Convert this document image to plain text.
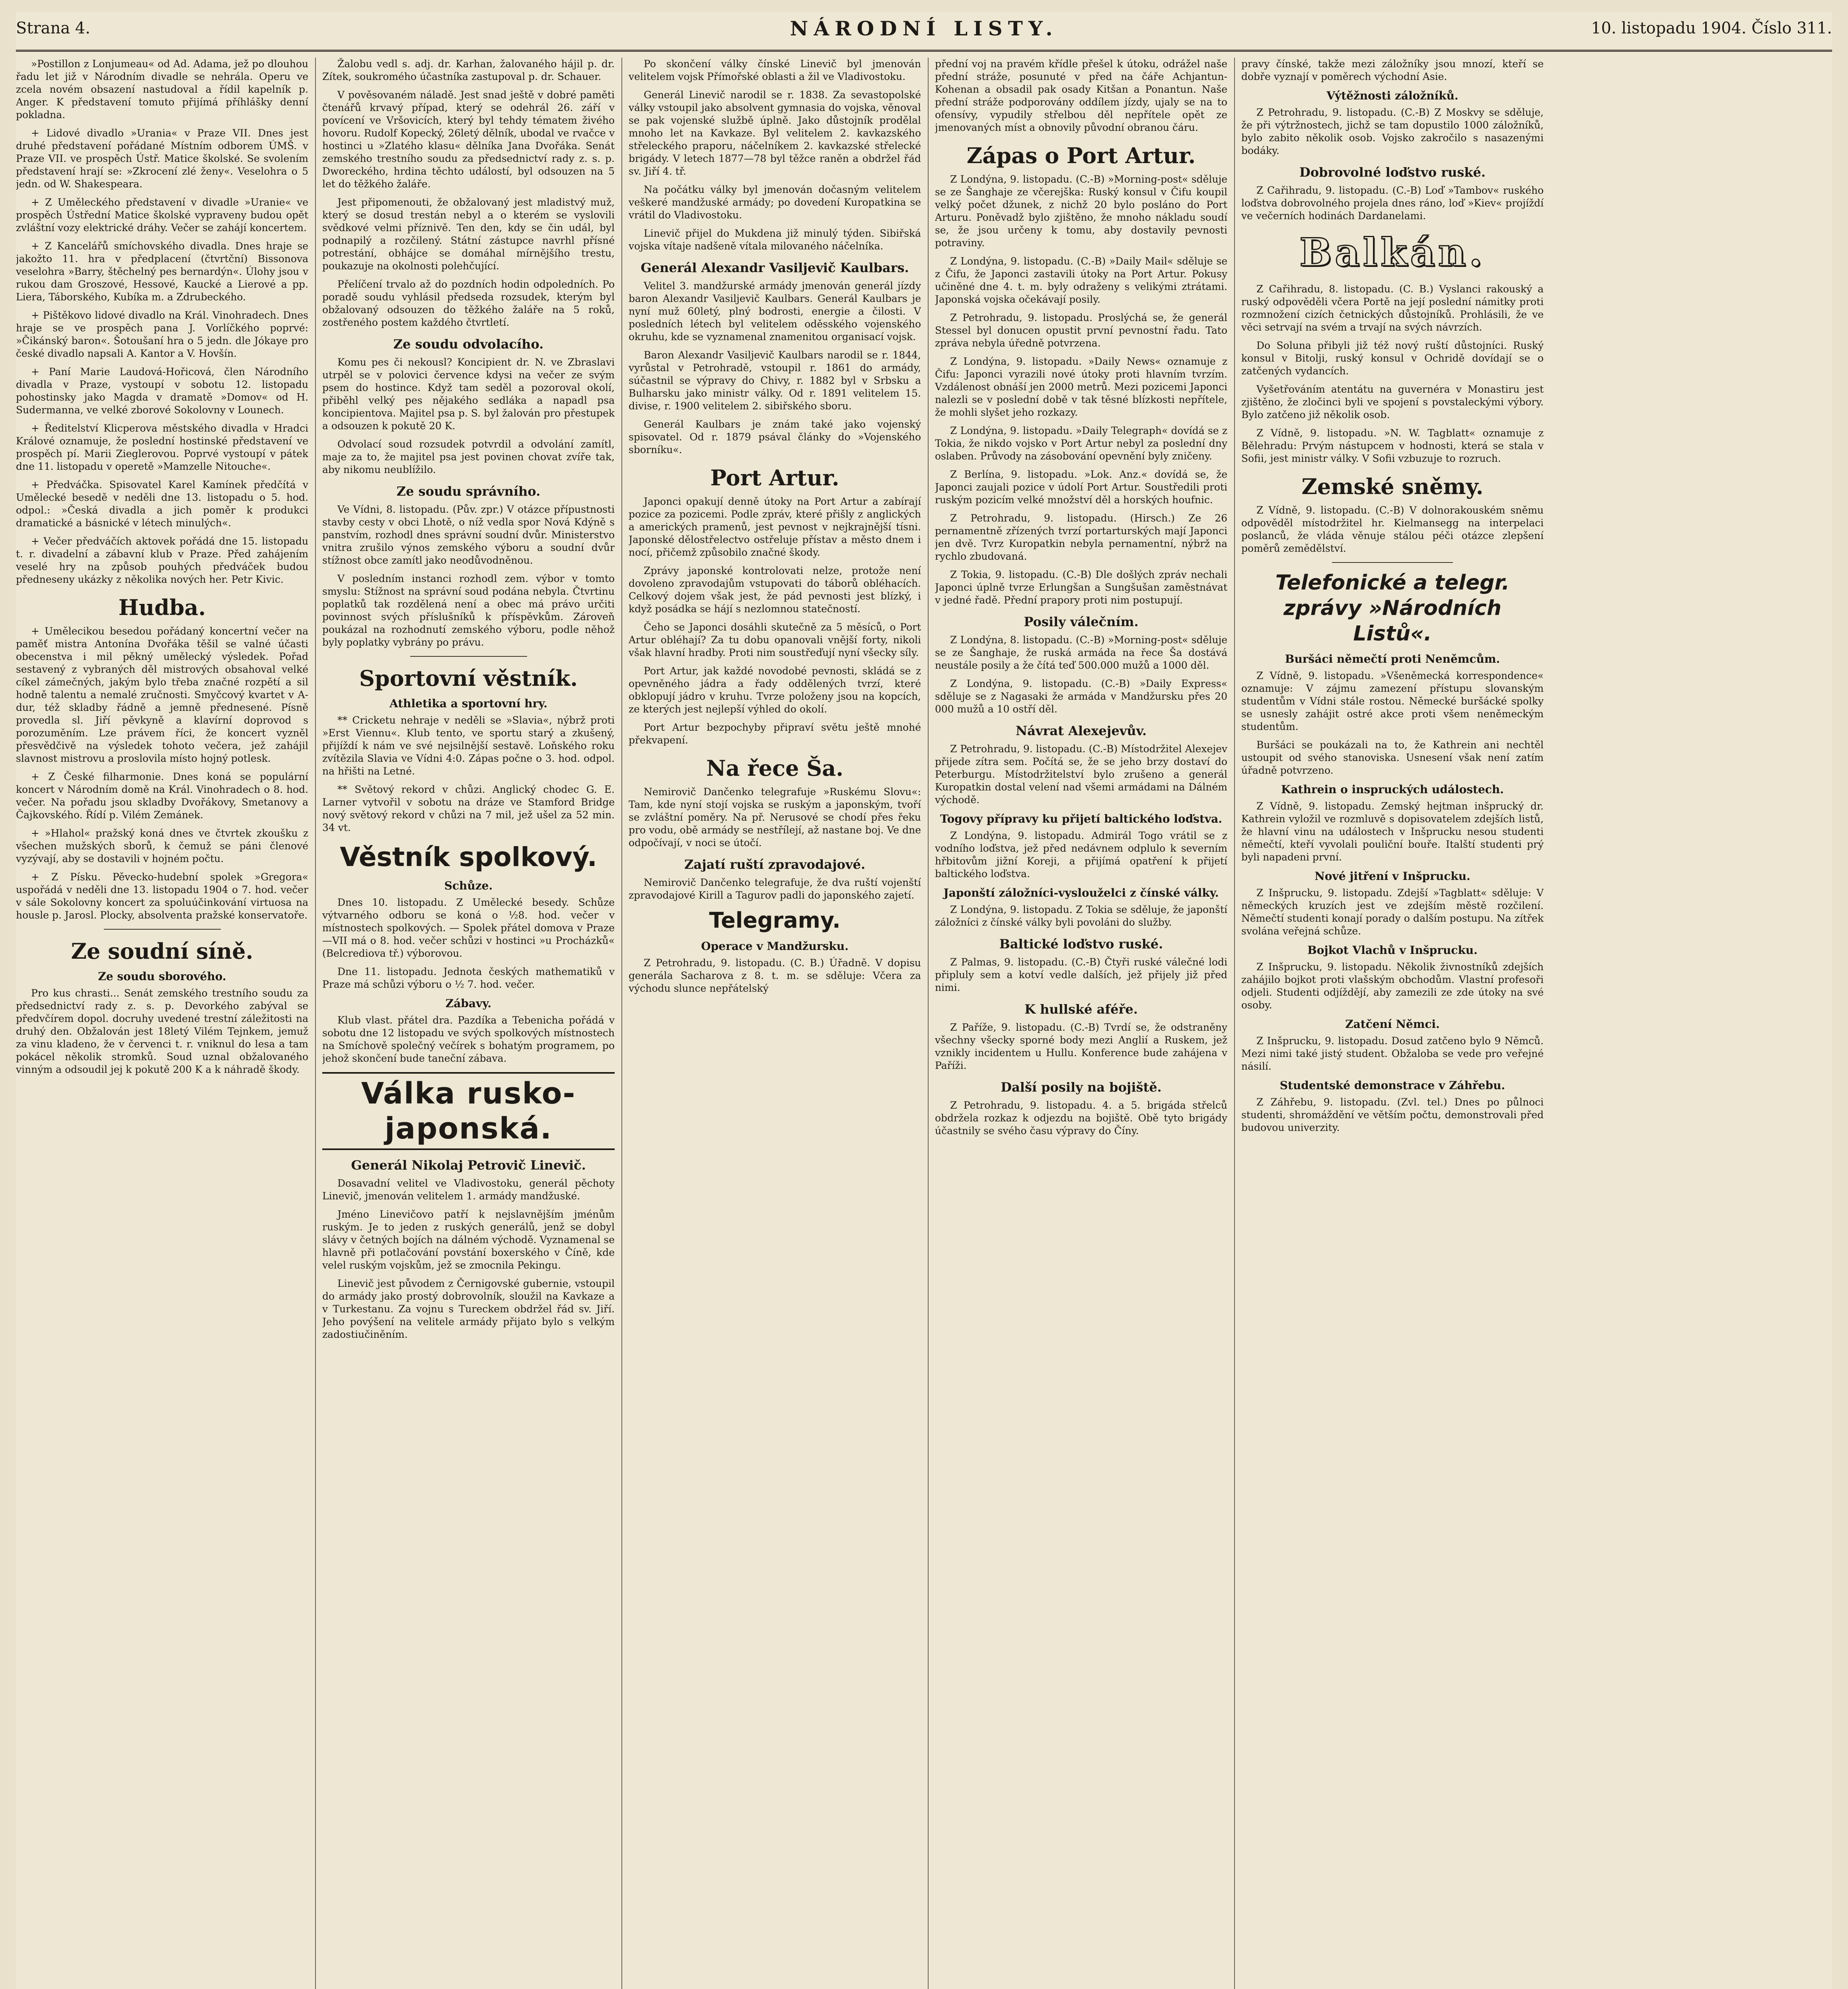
Strana 4.	NÁRODNÍ LISTY.	10. listopadu 1904. Číslo 311.

»Postillon z Lonjumeau« od Ad. Adama, jež po dlouhou řadu let již v Národním divadle se nehrála. Operu ve zcela novém obsazení nastudoval a řídil kapelník p. Anger. K představení tomuto přijímá příhlášky denní pokladna.

+ Lidové divadlo »Urania« v Praze VII. Dnes jest druhé představení pořádané Místním odborem ÚMŠ. v Praze VII. ve prospěch Ústř. Matice školské. Se svolením představení hrají se: »Zkrocení zlé ženy«. Veselohra o 5 jedn. od W. Shakespeara.

+ Z Uměleckého představení v divadle »Uranie« ve prospěch Ústřední Matice školské vypraveny budou opět zvláštní vozy elektrické dráhy. Večer se zahájí koncertem.

+ Z Kancelářů smíchovského divadla. Dnes hraje se jakožto 11. hra v předplacení (čtvrtční) Bissonova veselohra »Barry, štěchelný pes bernardýn«. Úlohy jsou v rukou dam Groszové, Hessové, Kaucké a Lierové a pp. Liera, Táborského, Kubíka m. a Zdrubeckého.

+ Pištěkovo lidové divadlo na Král. Vinohradech. Dnes hraje se ve prospěch pana J. Vorlíčkého poprvé: »Čikánský baron«. Šotoušaní hra o 5 jedn. dle Jókaye pro české divadlo napsali A. Kantor a V. Hovšín.

+ Paní Marie Laudová-Hořicová, člen Národního divadla v Praze, vystoupí v sobotu 12. listopadu pohostinsky jako Magda v dramatě »Domov« od H. Sudermanna, ve velké zborové Sokolovny v Lounech.

+ Ředitelství Klicperova městského divadla v Hradci Králové oznamuje, že poslední hostinské představení ve prospěch pí. Marii Zieglerovou. Poprvé vystoupí v pátek dne 11. listopadu v operetě »Mamzelle Nitouche«.

+ Předváčka. Spisovatel Karel Kamínek předčítá v Umělecké besedě v neděli dne 13. listopadu o 5. hod. odpol.: »Česká divadla a jich poměr k produkci dramatické a básnické v létech minulých«.

+ Večer předváčích aktovek pořádá dne 15. listopadu t. r. divadelní a zábavní klub v Praze. Před zahájením veselé hry na způsob pouhých předváček budou předneseny ukázky z několika nových her. Petr Kivic.

Hudba.

+ Umělecikou besedou pořádaný koncertní večer na paměť mistra Antonína Dvořáka těšil se valné účasti obecenstva i mil pěkný umělecký výsledek. Pořad sestavený z vybraných děl mistrových obsahoval velké cíkel zámečných, jakým bylo třeba značné rozpětí a sil hodně talentu a nemalé zručnosti. Smyčcový kvartet v A-dur, též skladby řádně a jemně přednesené. Písně provedla sl. Jiří pěvkyně a klavírní doprovod s porozuměním. Lze právem říci, že koncert vyzněl přesvědčivě na výsledek tohoto večera, jež zahájil slavnost mistrovu a proslovila místo hojný potlesk.

+ Z České filharmonie. Dnes koná se populární koncert v Národním domě na Král. Vinohradech o 8. hod. večer. Na pořadu jsou skladby Dvořákovy, Smetanovy a Čajkovského. Řídí p. Vilém Zemánek.

+ »Hlahol« pražský koná dnes ve čtvrtek zkoušku z všechen mužských sborů, k čemuž se páni členové vyzývají, aby se dostavili v hojném počtu.

+ Z Písku. Pěvecko-hudební spolek »Gregora« uspořádá v neděli dne 13. listopadu 1904 o 7. hod. večer v sále Sokolovny koncert za spoluúčinkování virtuosa na housle p. Jarosl. Plocky, absolventa pražské konservatoře.

Ze soudní síně.
Ze soudu sborového.

Pro kus chrasti... Senát zemského trestního soudu za předsednictví rady z. s. p. Devorkého zabýval se předvčírem dopol. docruhy uvedené trestní záležitosti na druhý den. Obžalován jest 18letý Vilém Tejnkem, jemuž za vinu kladeno, že v červenci t. r. vniknul do lesa a tam pokácel několik stromků. Soud uznal obžalovaného vinným a odsoudil jej k pokutě 200 K a k náhradě škody.

Žalobu vedl s. adj. dr. Karhan, žalovaného hájil p. dr. Zítek, soukromého účastníka zastupoval p. dr. Schauer.

V pověsovaném náladě. Jest snad ještě v dobré paměti čtenářů krvavý případ, který se odehrál 26. září v povícení ve Vršovicích, který byl tehdy tématem živého hovoru. Rudolf Kopecký, 26letý dělník, ubodal ve rvačce v hostinci u »Zlatého klasu« dělníka Jana Dvořáka. Senát zemského trestního soudu za předsednictví rady z. s. p. Dworeckého, hrdina těchto událostí, byl odsouzen na 5 let do těžkého žaláře.

Jest připomenouti, že obžalovaný jest mladistvý muž, který se dosud trestán nebyl a o kterém se vyslovili svědkové velmi příznivě. Ten den, kdy se čin udál, byl podnapilý a rozčilený. Státní zástupce navrhl přísné potrestání, obhájce se domáhal mírnějšího trestu, poukazuje na okolnosti polehčující.

Přelíčení trvalo až do pozdních hodin odpoledních. Po poradě soudu vyhlásil předseda rozsudek, kterým byl obžalovaný odsouzen do těžkého žaláře na 5 roků, zostřeného postem každého čtvrtletí.

Ze soudu odvolacího.

Komu pes či nekousl? Koncipient dr. N. ve Zbraslavi utrpěl se v polovici července kdysi na večer ze svým psem do hostince. Když tam seděl a pozoroval okolí, přiběhl velký pes nějakého sedláka a napadl psa koncipientova. Majitel psa p. S. byl žalován pro přestupek a odsouzen k pokutě 20 K.

Odvolací soud rozsudek potvrdil a odvolání zamítl, maje za to, že majitel psa jest povinen chovat zvíře tak, aby nikomu neublížilo.

Ze soudu správního.

Ve Vídni, 8. listopadu. (Pův. zpr.) V otázce přípustnosti stavby cesty v obci Lhotě, o níž vedla spor Nová Kdýně s panstvím, rozhodl dnes správní soudní dvůr. Ministerstvo vnitra zrušilo výnos zemského výboru a soudní dvůr stížnost obce zamítl jako neodůvodněnou.

V posledním instanci rozhodl zem. výbor v tomto smyslu: Stížnost na správní soud podána nebyla. Čtvrtinu poplatků tak rozdělená není a obec má právo určiti povinnost svých příslušníků k příspěvkům. Zároveň poukázal na rozhodnutí zemského výboru, podle něhož byly poplatky vybrány po právu.

Sportovní věstník.
Athletika a sportovní hry.

** Cricketu nehraje v neděli se »Slavia«, nýbrž proti »Erst Viennu«. Klub tento, ve sportu starý a zkušený, přijíždí k nám ve své nejsilnější sestavě. Loňského roku zvítězila Slavia ve Vídni 4:0. Zápas počne o 3. hod. odpol. na hřišti na Letné.

** Světový rekord v chůzi. Anglický chodec G. E. Larner vytvořil v sobotu na dráze ve Stamford Bridge nový světový rekord v chůzi na 7 mil, jež ušel za 52 min. 34 vt.

Věstník spolkový.
Schůze.

Dnes 10. listopadu. Z Umělecké besedy. Schůze výtvarného odboru se koná o ½8. hod. večer v místnostech spolkových. — Spolek přátel domova v Praze—VII má o 8. hod. večer schůzi v hostinci »u Procházků« (Belcrediova tř.) výborovou.

Dne 11. listopadu. Jednota českých mathematiků v Praze má schůzi výboru o ½ 7. hod. večer.

Zábavy.

Klub vlast. přátel dra. Pazdíka a Tebenicha pořádá v sobotu dne 12 listopadu ve svých spolkových místnostech na Smíchově společný večírek s bohatým programem, po jehož skončení bude taneční zábava.

Válka rusko-japonská.
Generál Nikolaj Petrovič Linevič.

Dosavadní velitel ve Vladivostoku, generál pěchoty Linevič, jmenován velitelem 1. armády mandžuské.

Jméno Linevičovo patří k nejslavnějším jménům ruským. Je to jeden z ruských generálů, jenž se dobyl slávy v četných bojích na dálném východě. Vyznamenal se hlavně při potlačování povstání boxerského v Číně, kde velel ruským vojskům, jež se zmocnila Pekingu.

Linevič jest původem z Černigovské gubernie, vstoupil do armády jako prostý dobrovolník, sloužil na Kavkaze a v Turkestanu. Za vojnu s Tureckem obdržel řád sv. Jiří. Jeho povýšení na velitele armády přijato bylo s velkým zadostiučiněním.

Po skončení války čínské Linevič byl jmenován velitelem vojsk Přímořské oblasti a žil ve Vladivostoku.

Generál Linevič narodil se r. 1838. Za sevastopolské války vstoupil jako absolvent gymnasia do vojska, věnoval se pak vojenské službě úplně. Jako důstojník prodělal mnoho let na Kavkaze. Byl velitelem 2. kavkazského střeleckého praporu, náčelníkem 2. kavkazské střelecké brigády. V letech 1877—78 byl těžce raněn a obdržel řád sv. Jiří 4. tř.

Na počátku války byl jmenován dočasným velitelem veškeré mandžuské armády; po dovedení Kuropatkina se vrátil do Vladivostoku.

Linevič přijel do Mukdena již minulý týden. Sibiřská vojska vítaje nadšeně vítala milovaného náčelníka.

Generál Alexandr Vasiljevič Kaulbars.

Velitel 3. mandžurské armády jmenován generál jízdy baron Alexandr Vasiljevič Kaulbars. Generál Kaulbars je nyní muž 60letý, plný bodrosti, energie a čilosti. V posledních létech byl velitelem oděsského vojenského okruhu, kde se vyznamenal znamenitou organisací vojsk.

Baron Alexandr Vasiljevič Kaulbars narodil se r. 1844, vyrůstal v Petrohradě, vstoupil r. 1861 do armády, súčastnil se výpravy do Chivy, r. 1882 byl v Srbsku a Bulharsku jako ministr války. Od r. 1891 velitelem 15. divise, r. 1900 velitelem 2. sibiřského sboru.

Generál Kaulbars je znám také jako vojenský spisovatel. Od r. 1879 psával články do »Vojenského sborníku«.

Port Artur.

Japonci opakují denně útoky na Port Artur a zabírají pozice za pozicemi. Podle zpráv, které přišly z anglických a amerických pramenů, jest pevnost v nejkrajnější tísni. Japonské dělostřelectvo ostřeluje přístav a město dnem i nocí, přičemž způsobilo značné škody.

Zprávy japonské kontrolovati nelze, protože není dovoleno zpravodajům vstupovati do táborů obléhacích. Celkový dojem však jest, že pád pevnosti jest blízký, i když posádka se hájí s nezlomnou statečností.

Čeho se Japonci dosáhli skutečně za 5 měsíců, o Port Artur obléhají? Za tu dobu opanovali vnější forty, nikoli však hlavní hradby. Proti nim soustřeďují nyní všecky síly.

Port Artur, jak každé novodobé pevnosti, skládá se z opevněného jádra a řady oddělených tvrzí, které obklopují jádro v kruhu. Tvrze položeny jsou na kopcích, ze kterých jest nejlepší výhled do okolí.

Port Artur bezpochyby připraví světu ještě mnohé překvapení.

Na řece Ša.

Nemirovič Dančenko telegrafuje »Ruskému Slovu«: Tam, kde nyní stojí vojska se ruským a japonským, tvoří se zvláštní poměry. Na př. Nerusové se chodí přes řeku pro vodu, obě armády se nestřílejí, až nastane boj. Ve dne odpočívají, v noci se útočí.

Zajatí ruští zpravodajové.

Nemirovič Dančenko telegrafuje, že dva ruští vojenští zpravodajové Kirill a Tagurov padli do japonského zajetí.

Telegramy.
Operace v Mandžursku.

Z Petrohradu, 9. listopadu. (C. B.) Úřadně. V dopisu generála Sacharova z 8. t. m. se sděluje: Včera za východu slunce nepřátelský

přední voj na pravém křídle přešel k útoku, odrážel naše přední stráže, posunuté v před na čáře Achjantun-Kohenan a obsadil pak osady Kitšan a Ponantun. Naše přední stráže podporovány oddílem jízdy, ujaly se na to ofensívy, vypudily střelbou děl nepřítele opět ze jmenovaných míst a obnovily původní obranou čáru.

Zápas o Port Artur.

Z Londýna, 9. listopadu. (C.-B) »Morning-post« sděluje se ze Šanghaje ze včerejška: Ruský konsul v Čifu koupil velký počet džunek, z nichž 20 bylo posláno do Port Arturu. Poněvadž bylo zjištěno, že mnoho nákladu soudí se, že jsou určeny k tomu, aby dostavily pevnosti potraviny.

Z Londýna, 9. listopadu. (C.-B) »Daily Mail« sděluje se z Čifu, že Japonci zastavili útoky na Port Artur. Pokusy učiněné dne 4. t. m. byly odraženy s velikými ztrátami. Japonská vojska očekávají posily.

Z Petrohradu, 9. listopadu. Proslýchá se, že generál Stessel byl donucen opustit první pevnostní řadu. Tato zpráva nebyla úředně potvrzena.

Z Londýna, 9. listopadu. »Daily News« oznamuje z Čifu: Japonci vyrazili nové útoky proti hlavním tvrzím. Vzdálenost obnáší jen 2000 metrů. Mezi pozicemi Japonci nalezli se v poslední době v tak těsné blízkosti nepřítele, že mohli slyšet jeho rozkazy.

Z Londýna, 9. listopadu. »Daily Telegraph« dovídá se z Tokia, že nikdo vojsko v Port Artur nebyl za poslední dny oslaben. Průvody na zásobování opevnění byly zničeny.

Z Berlína, 9. listopadu. »Lok. Anz.« dovídá se, že Japonci zaujali pozice v údolí Port Artur. Soustředili proti ruským pozicím velké množství děl a horských houfnic.

Z Petrohradu, 9. listopadu. (Hirsch.) Ze 26 pernamentně zřízených tvrzí portarturských mají Japonci jen dvě. Tvrz Kuropatkin nebyla pernamentní, nýbrž na rychlo zbudovaná.

Z Tokia, 9. listopadu. (C.-B) Dle došlých zpráv nechali Japonci úplně tvrze Erlungšan a Sungšušan zaměstnávat v jedné řadě. Přední prapory proti nim postupují.

Posily válečním.

Z Londýna, 8. listopadu. (C.-B) »Morning-post« sděluje se ze Šanghaje, že ruská armáda na řece Ša dostává neustále posily a že čítá teď 500.000 mužů a 1000 děl.

Z Londýna, 9. listopadu. (C.-B) »Daily Express« sděluje se z Nagasaki že armáda v Mandžursku přes 20 000 mužů a 10 ostří děl.

Návrat Alexejevův.

Z Petrohradu, 9. listopadu. (C.-B) Místodržitel Alexejev přijede zítra sem. Počítá se, že se jeho brzy dostaví do Peterburgu. Místodržitelství bylo zrušeno a generál Kuropatkin dostal velení nad všemi armádami na Dálném východě.

Togovy přípravy ku přijetí baltického loďstva.

Z Londýna, 9. listopadu. Admirál Togo vrátil se z vodního loďstva, jež před nedávnem odplulo k severním hřbitovům jižní Koreji, a přijímá opatření k přijetí baltického loďstva.

Japonští záložníci-vyslouželci z čínské války.

Z Londýna, 9. listopadu. Z Tokia se sděluje, že japonští záložníci z čínské války byli povoláni do služby.

Baltické loďstvo ruské.

Z Palmas, 9. listopadu. (C.-B) Čtyři ruské válečné lodi připluly sem a kotví vedle dalších, jež přijely již před nimi.

K hullské aféře.

Z Paříže, 9. listopadu. (C.-B) Tvrdí se, že odstraněny všechny všecky sporné body mezi Anglií a Ruskem, jež vznikly incidentem u Hullu. Konference bude zahájena v Paříži.

Další posily na bojiště.

Z Petrohradu, 9. listopadu. 4. a 5. brigáda střelců obdržela rozkaz k odjezdu na bojiště. Obě tyto brigády účastnily se svého času výpravy do Číny.

pravy čínské, takže mezi záložníky jsou mnozí, kteří se dobře vyznají v poměrech východní Asie.

Výtěžnosti záložníků.

Z Petrohradu, 9. listopadu. (C.-B) Z Moskvy se sděluje, že při výtržnostech, jichž se tam dopustilo 1000 záložníků, bylo zabito několik osob. Vojsko zakročilo s nasazenými bodáky.

Dobrovolné loďstvo ruské.

Z Cařihradu, 9. listopadu. (C.-B) Loď »Tambov« ruského loďstva dobrovolného projela dnes ráno, loď »Kiev« projíždí ve večerních hodinách Dardanelami.

Balkán.

Z Cařihradu, 8. listopadu. (C. B.) Vyslanci rakouský a ruský odpověděli včera Portě na její poslední námitky proti rozmnožení cizích četnických důstojníků. Prohlásili, že ve věci setrvají na svém a trvají na svých návrzích.

Do Soluna přibyli již též nový ruští důstojníci. Ruský konsul v Bitolji, ruský konsul v Ochridě dovídají se o zatčených vydancích.

Vyšetřováním atentátu na guvernéra v Monastiru jest zjištěno, že zločinci byli ve spojení s povstaleckými výbory. Bylo zatčeno již několik osob.

Z Vídně, 9. listopadu. »N. W. Tagblatt« oznamuje z Bělehradu: Prvým nástupcem v hodnosti, která se stala v Sofii, jest ministr války. V Sofii vzbuzuje to rozruch.

Zemské sněmy.

Z Vídně, 9. listopadu. (C.-B) V dolnorakouském sněmu odpověděl místodržitel hr. Kielmansegg na interpelaci poslanců, že vláda věnuje stálou péči otázce zlepšení poměrů zemědělství.

Telefonické a telegr. zprávy »Národních Listů«.
Buršáci němečtí proti Neněmcům.

Z Vídně, 9. listopadu. »Všeněmecká korrespondence« oznamuje: V zájmu zamezení přístupu slovanským studentům v Vídni stále rostou. Německé buršácké spolky se usnesly zahájit ostré akce proti všem neněmeckým studentům.

Buršáci se poukázali na to, že Kathrein ani nechtěl ustoupit od svého stanoviska. Usnesení však není zatím úřadně potvrzeno.

Kathrein o inspruckých událostech.

Z Vídně, 9. listopadu. Zemský hejtman inšprucký dr. Kathrein vyložil ve rozmluvě s dopisovatelem zdejších listů, že hlavní vinu na událostech v Inšprucku nesou studenti němečtí, kteří vyvolali pouliční bouře. Italští studenti prý byli napadeni první.

Nové jitření v Inšprucku.

Z Inšprucku, 9. listopadu. Zdejší »Tagblatt« sděluje: V německých kruzích jest ve zdejším městě rozčilení. Němečtí studenti konají porady o dalším postupu. Na zítřek svolána veřejná schůze.

Bojkot Vlachů v Inšprucku.

Z Inšprucku, 9. listopadu. Několik živnostníků zdejších zahájilo bojkot proti vlašským obchodům. Vlastní profesoři odjeli. Studenti odjíždějí, aby zamezili ze zde útoky na své osoby.

Zatčení Němci.

Z Inšprucku, 9. listopadu. Dosud zatčeno bylo 9 Němců. Mezi nimi také jistý student. Obžaloba se vede pro veřejné násilí.

Studentské demonstrace v Záhřebu.

Z Záhřebu, 9. listopadu. (Zvl. tel.) Dnes po půlnoci studenti, shromáždění ve větším počtu, demonstrovali před budovou univerzity.
